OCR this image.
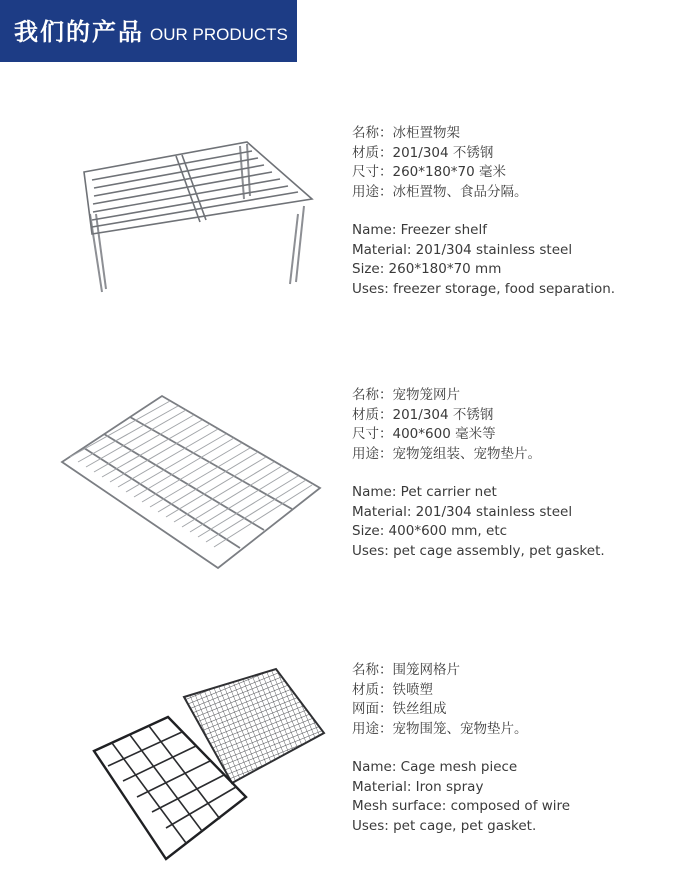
我们的产品 OUR PRODUCTS
名称：冰柜置物架
材质：201/304 不锈钢
尺寸：260*180*70 毫米
用途：冰柜置物、食品分隔。
Name: Freezer shelf
Material: 201/304 stainless steel
Size: 260*180*70 mm
Uses: freezer storage, food separation.
名称：宠物笼网片
材质：201/304 不锈钢
尺寸：400*600 毫米等
用途：宠物笼组装、宠物垫片。
Name: Pet carrier net
Material: 201/304 stainless steel
Size: 400*600 mm, etc
Uses: pet cage assembly, pet gasket.
名称：围笼网格片
材质：铁喷塑
网面：铁丝组成
用途：宠物围笼、宠物垫片。
Name: Cage mesh piece
Material: Iron spray
Mesh surface: composed of wire
Uses: pet cage, pet gasket.
